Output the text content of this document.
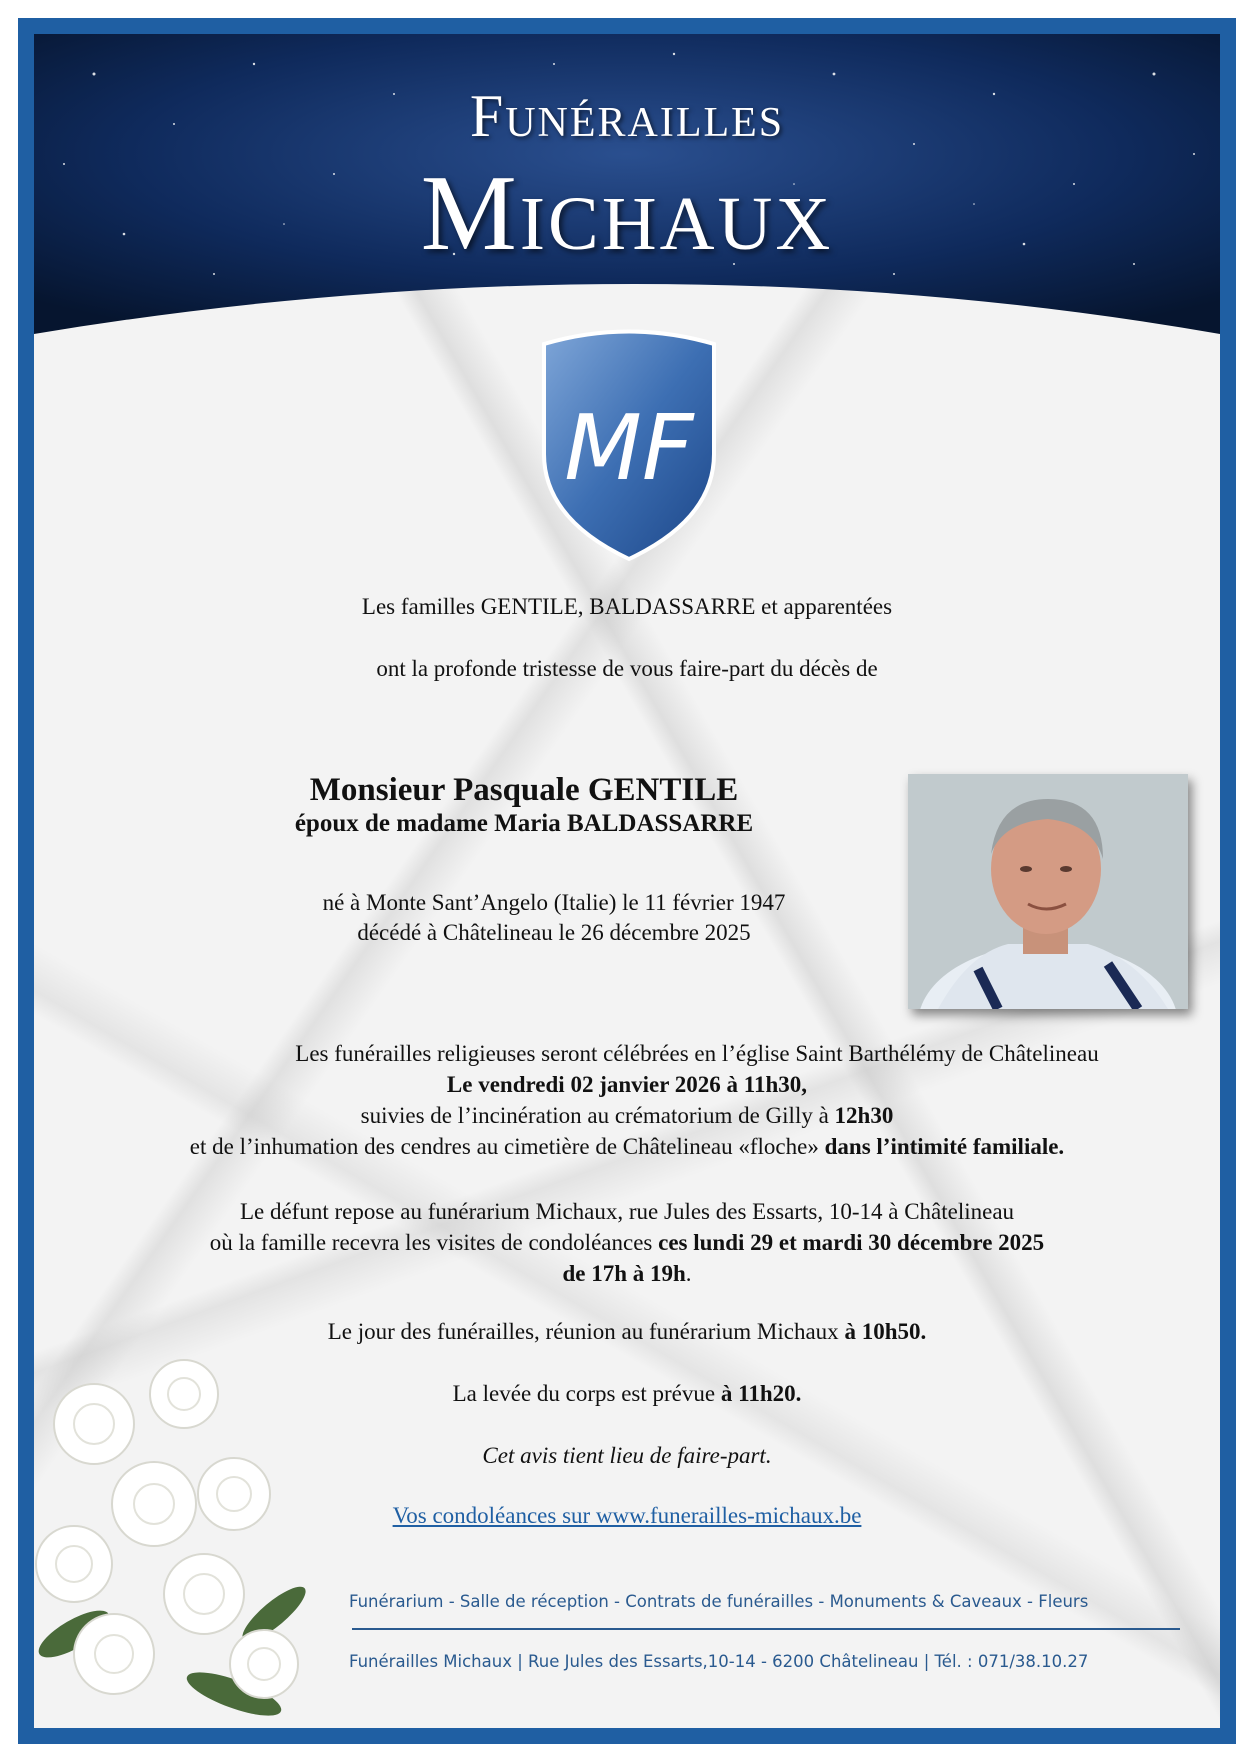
Funérailles
Michaux
MF
Les familles GENTILE, BALDASSARRE et apparentées
ont la profonde tristesse de vous faire-part du décès de
Monsieur Pasquale GENTILE
époux de madame Maria BALDASSARRE
né à Monte Sant’Angelo (Italie) le 11 février 1947
décédé à Châtelineau le 26 décembre 2025
Les funérailles religieuses seront célébrées en l’église Saint Barthélémy de Châtelineau
Le vendredi 02 janvier 2026 à 11h30,
suivies de l’incinération au crématorium de Gilly à 12h30
et de l’inhumation des cendres au cimetière de Châtelineau «floche» dans l’intimité familiale.
Le défunt repose au funérarium Michaux, rue Jules des Essarts, 10-14 à Châtelineau
où la famille recevra les visites de condoléances ces lundi 29 et mardi 30 décembre 2025
de 17h à 19h.
Le jour des funérailles, réunion au funérarium Michaux à 10h50.
La levée du corps est prévue à 11h20.
Cet avis tient lieu de faire-part.
Vos condoléances sur www.funerailles-michaux.be
Funérarium - Salle de réception - Contrats de funérailles - Monuments & Caveaux - Fleurs
Funérailles Michaux | Rue Jules des Essarts,10-14 - 6200 Châtelineau | Tél. : 071/38.10.27
